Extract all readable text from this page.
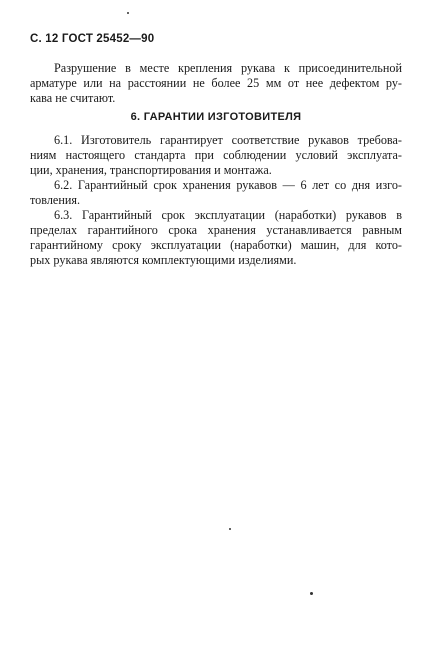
С. 12 ГОСТ 25452—90
Разрушение в месте крепления рукава к присоединительной
арматуре или на расстоянии не более 25 мм от нее дефектом ру-
кава не считают.
6. ГАРАНТИИ ИЗГОТОВИТЕЛЯ
6.1. Изготовитель гарантирует соответствие рукавов требова-
ниям настоящего стандарта при соблюдении условий эксплуата-
ции, хранения, транспортирования и монтажа.
6.2. Гарантийный срок хранения рукавов — 6 лет со дня изго-
товления.
6.3. Гарантийный срок эксплуатации (наработки) рукавов в
пределах гарантийного срока хранения устанавливается равным
гарантийному сроку эксплуатации (наработки) машин, для кото-
рых рукава являются комплектующими изделиями.
